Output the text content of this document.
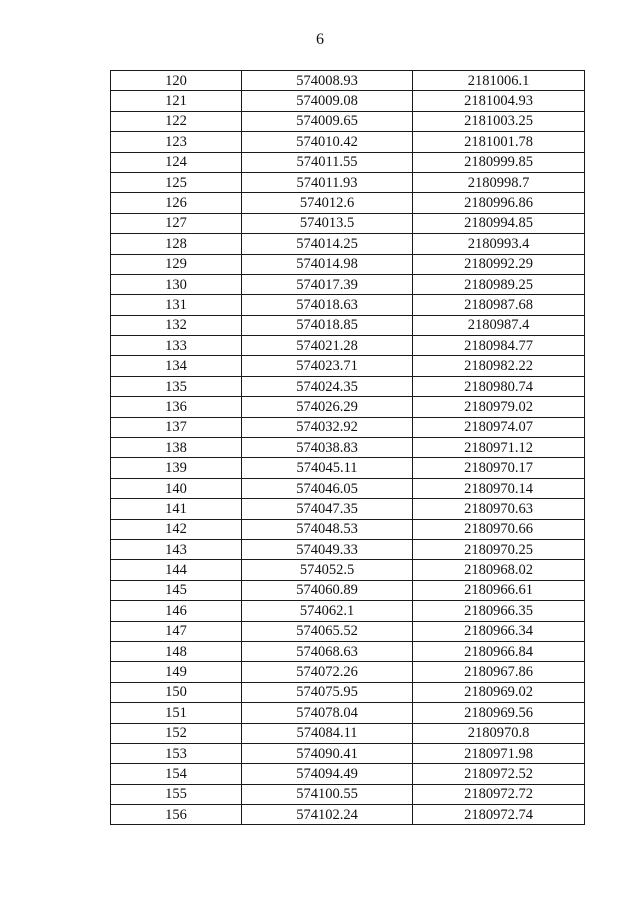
6
120	574008.93	2181006.1
121	574009.08	2181004.93
122	574009.65	2181003.25
123	574010.42	2181001.78
124	574011.55	2180999.85
125	574011.93	2180998.7
126	574012.6	2180996.86
127	574013.5	2180994.85
128	574014.25	2180993.4
129	574014.98	2180992.29
130	574017.39	2180989.25
131	574018.63	2180987.68
132	574018.85	2180987.4
133	574021.28	2180984.77
134	574023.71	2180982.22
135	574024.35	2180980.74
136	574026.29	2180979.02
137	574032.92	2180974.07
138	574038.83	2180971.12
139	574045.11	2180970.17
140	574046.05	2180970.14
141	574047.35	2180970.63
142	574048.53	2180970.66
143	574049.33	2180970.25
144	574052.5	2180968.02
145	574060.89	2180966.61
146	574062.1	2180966.35
147	574065.52	2180966.34
148	574068.63	2180966.84
149	574072.26	2180967.86
150	574075.95	2180969.02
151	574078.04	2180969.56
152	574084.11	2180970.8
153	574090.41	2180971.98
154	574094.49	2180972.52
155	574100.55	2180972.72
156	574102.24	2180972.74
